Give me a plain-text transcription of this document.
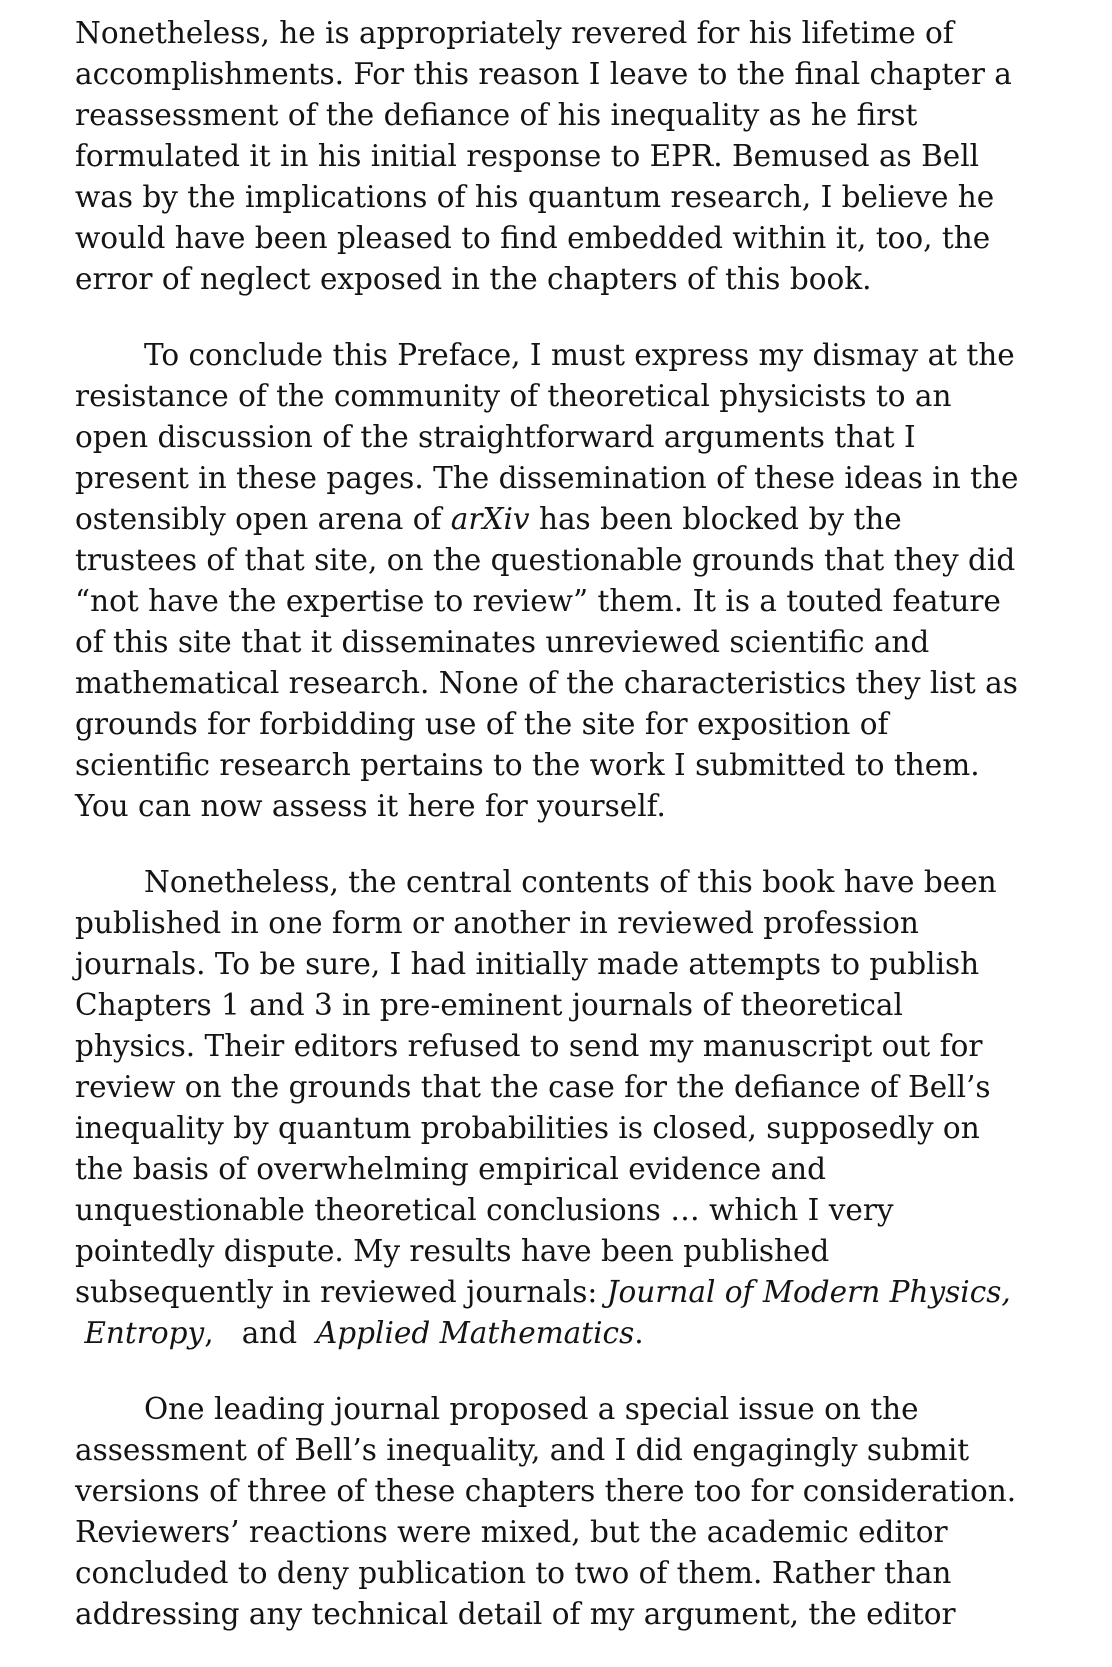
Nonetheless, he is appropriately revered for his lifetime of
accomplishments. For this reason I leave to the final chapter a
reassessment of the defiance of his inequality as he first
formulated it in his initial response to EPR. Bemused as Bell
was by the implications of his quantum research, I believe he
would have been pleased to find embedded within it, too, the
error of neglect exposed in the chapters of this book.
To conclude this Preface, I must express my dismay at the
resistance of the community of theoretical physicists to an
open discussion of the straightforward arguments that I
present in these pages. The dissemination of these ideas in the
ostensibly open arena of arXiv has been blocked by the
trustees of that site, on the questionable grounds that they did
“not have the expertise to review” them. It is a touted feature
of this site that it disseminates unreviewed scientific and
mathematical research. None of the characteristics they list as
grounds for forbidding use of the site for exposition of
scientific research pertains to the work I submitted to them.
You can now assess it here for yourself.
Nonetheless, the central contents of this book have been
published in one form or another in reviewed profession
journals. To be sure, I had initially made attempts to publish
Chapters 1 and 3 in pre-eminent journals of theoretical
physics. Their editors refused to send my manuscript out for
review on the grounds that the case for the defiance of Bell’s
inequality by quantum probabilities is closed, supposedly on
the basis of overwhelming empirical evidence and
unquestionable theoretical conclusions … which I very
pointedly dispute. My results have been published
subsequently in reviewed journals: Journal of Modern Physics,
Entropy,   and  Applied Mathematics.
One leading journal proposed a special issue on the
assessment of Bell’s inequality, and I did engagingly submit
versions of three of these chapters there too for consideration.
Reviewers’ reactions were mixed, but the academic editor
concluded to deny publication to two of them. Rather than
addressing any technical detail of my argument, the editor
